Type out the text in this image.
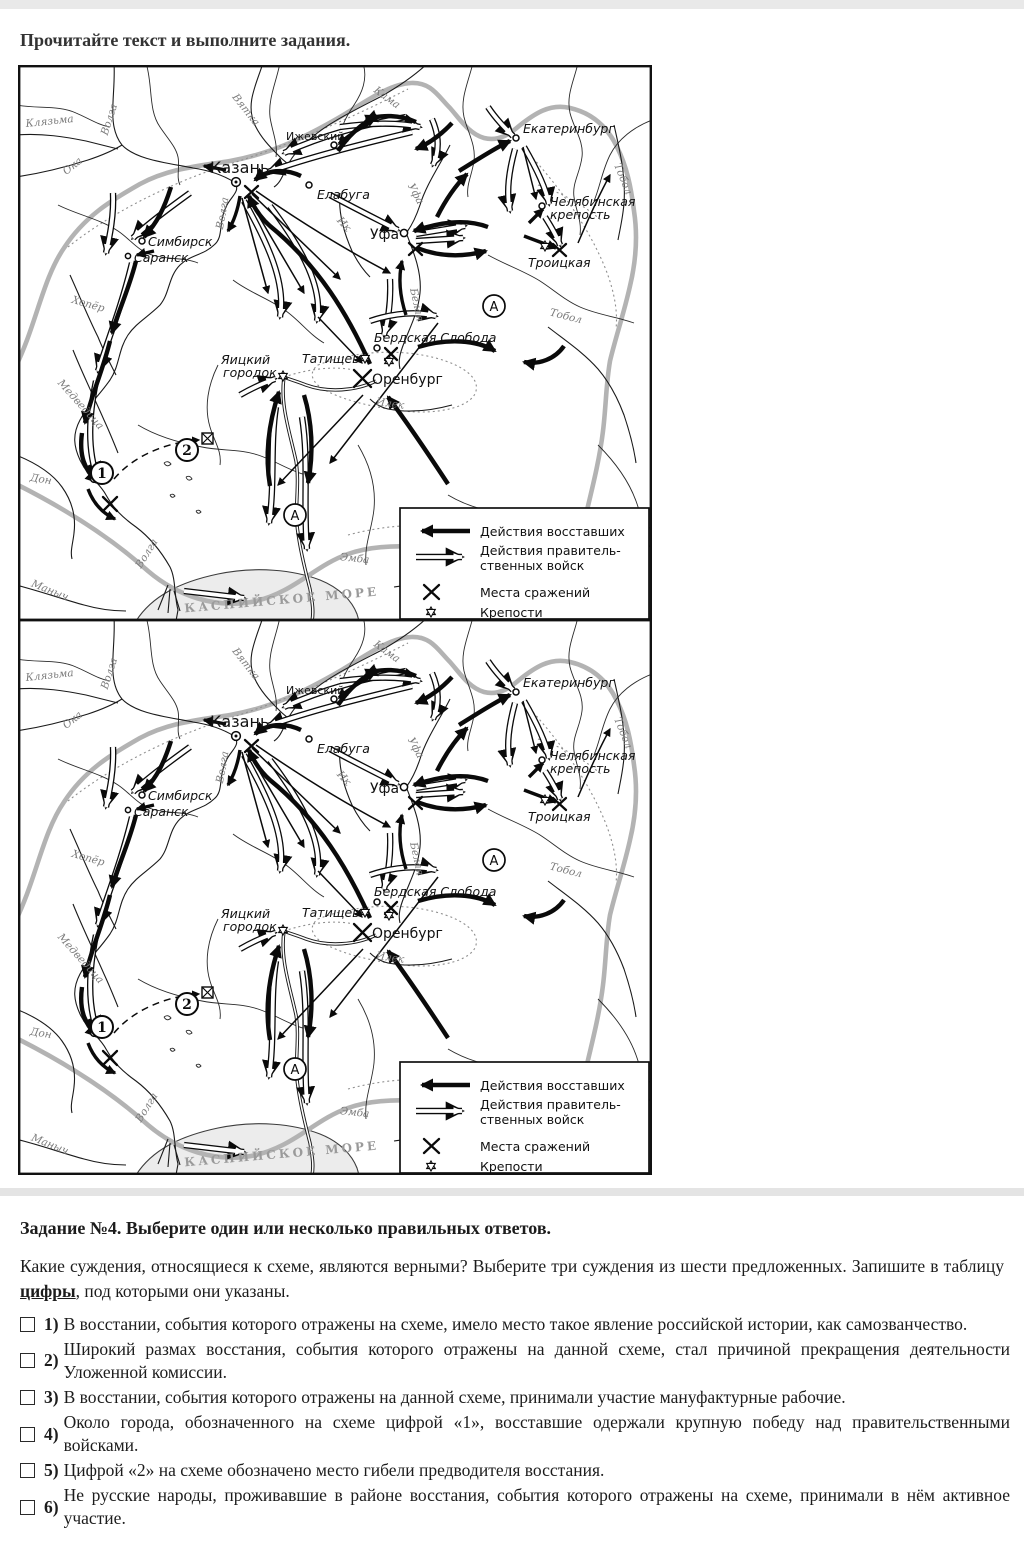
Прочитайте текст и выполните задания.
1
2
А
А
Казань
Ижевский
Елабуга
Екатеринбург
Челябинская
крепость
Троицкая
Уфа
Симбирск
Саранск
Бердская Слобода
Татищев
Оренбург
Яицкий
городок
Клязьма
Ока
Волга	Вятка	Кама
Волга
Уфа
Ик
Белая
Тобол
Тобол
Хопёр
Медведица
Дон
Маныч
Волга
Илек
Эмба
КАСПИЙСКОЕ МОРЕ
Действия восставших
Действия правитель-
ственных войск
Места сражений
Крепости
1
2
А
А
Казань
Ижевский
Елабуга
Екатеринбург
Челябинская
крепость
Троицкая
Уфа
Симбирск
Саранск
Бердская Слобода
Татищев
Оренбург
Яицкий
городок
Клязьма
Ока
Волга	Вятка	Кама
Волга
Уфа
Ик
Белая
Тобол
Тобол
Хопёр
Медведица
Дон
Маныч
Волга
Илек
Эмба
КАСПИЙСКОЕ МОРЕ
Действия восставших
Действия правитель-
ственных войск
Места сражений
Крепости
Задание №4. Выберите один или несколько правильных ответов.
Какие суждения, относящиеся к схеме, являются верными? Выберите три суждения из шести предложенных. Запишите в таблицу цифры, под которыми они указаны.
1) В восстании, события которого отражены на схеме, имело место такое явление российской истории, как самозванчество.
2)
Широкий размах восстания, события которого отражены на данной схеме, стал причиной прекращения деятельности Уложенной комиссии.
3) В восстании, события которого отражены на данной схеме, принимали участие мануфактурные рабочие.
4)
Около города, обозначенного на схеме цифрой «1», восставшие одержали крупную победу над правительственными войсками.
5) Цифрой «2» на схеме обозначено место гибели предводителя восстания.
6)
Не русские народы, проживавшие в районе восстания, события которого отражены на схеме, принимали в нём активное участие.
